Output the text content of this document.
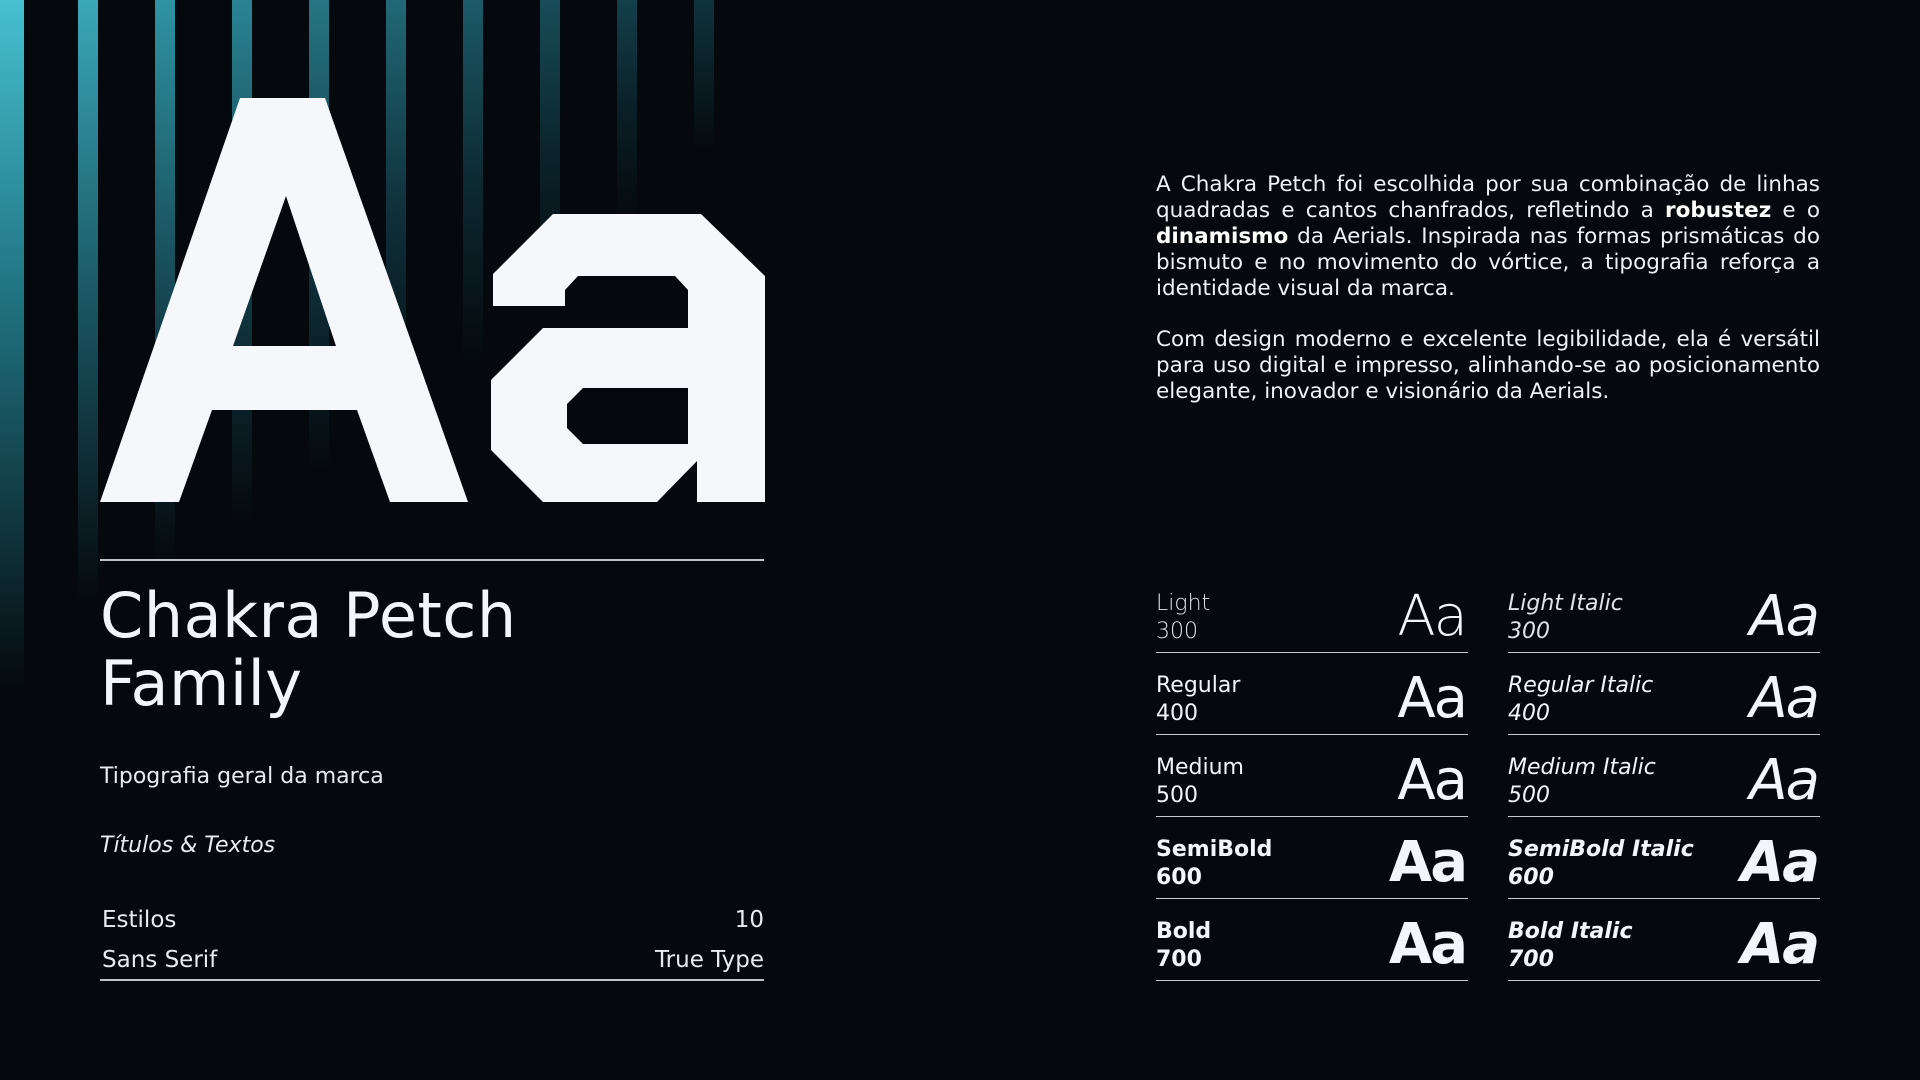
Chakra Petch
Family
Tipografia geral da marca
Títulos & Textos
Estilos	10
Sans Serif	True Type

A Chakra Petch foi escolhida por sua combinação de linhas quadradas e cantos chanfrados, refletindo a robustez e o dinamismo da Aerials. Inspirada nas formas prismáticas do bismuto e no movimento do vórtice, a tipografia reforça a identidade visual da marca.

Com design moderno e excelente legibilidade, ela é versátil para uso digital e impresso, alinhando-se ao posicionamento elegante, inovador e visionário da Aerials.

Light
300	Aa
Regular
400	Aa
Medium
500	Aa
SemiBold
600	Aa
Bold
700	Aa
Light Italic
300	Aa
Regular Italic
400	Aa
Medium Italic
500	Aa
SemiBold Italic
600	Aa
Bold Italic
700	Aa
